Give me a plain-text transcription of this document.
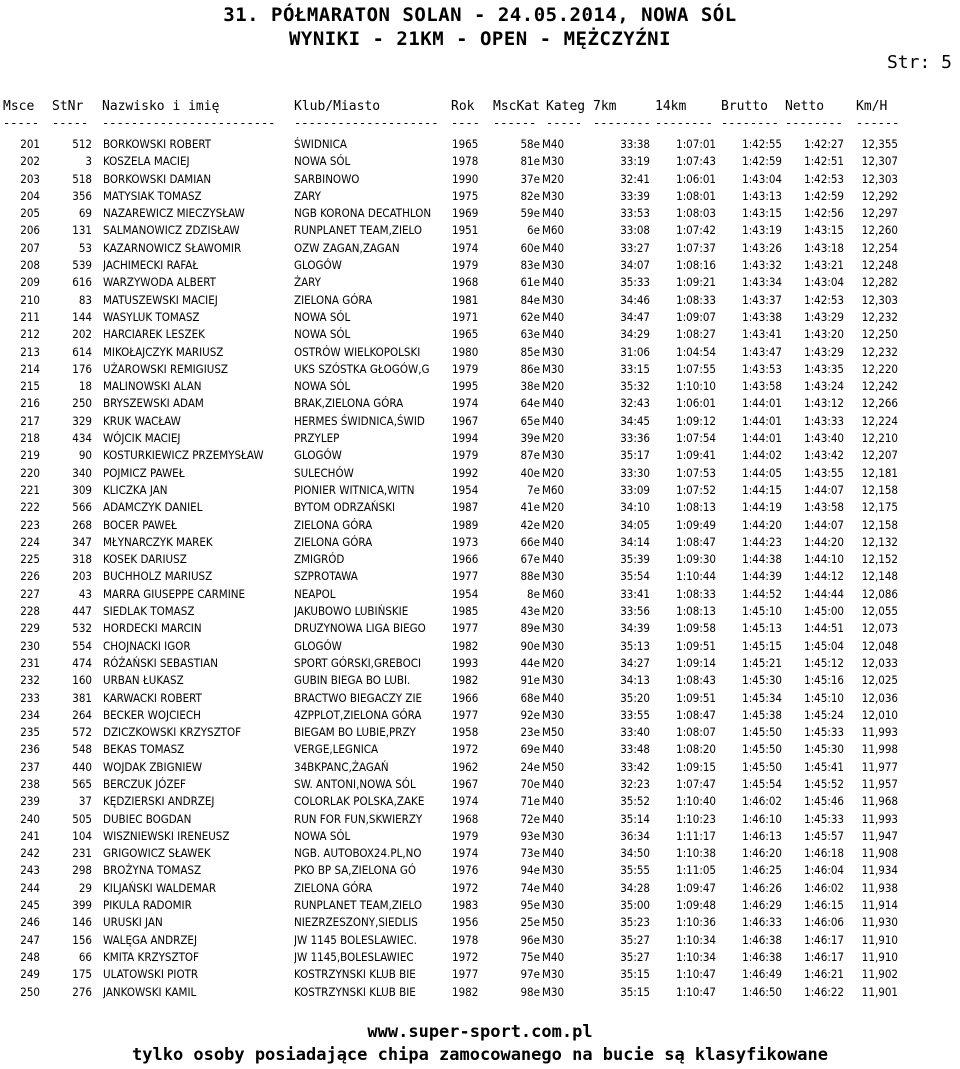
31. PÓŁMARATON SOLAN - 24.05.2014, NOWA SÓL
WYNIKI - 21KM - OPEN - MĘŻCZYŹNI
Str: 5
Msce StNr Nazwisko i imię	Klub/Miasto	Rok MscKat Kateg 7km	14km	Brutto Netto Km/H
----- ----- ------------------------ -------------------- ---- ------ ----- -------- -------- -------- -------- ------
201	512 BORKOWSKI ROBERT	ŚWIDNICA	1965	58e M40	33:38	1:07:01	1:42:55	1:42:27	12,355
202	3 KOSZELA MACIEJ	NOWA SÓL	1978	81e M30	33:19	1:07:43	1:42:59	1:42:51	12,307
203	518 BORKOWSKI DAMIAN	SARBINOWO	1990	37e M20	32:41	1:06:01	1:43:04	1:42:53	12,303
204	356 MATYSIAK TOMASZ	ZARY	1975	82e M30	33:39	1:08:01	1:43:13	1:42:59	12,292
205	69 NAZAREWICZ MIECZYSŁAW	NGB KORONA DECATHLON	1969	59e M40	33:53	1:08:03	1:43:15	1:42:56	12,297
206	131 SALMANOWICZ ZDZISŁAW	RUNPLANET TEAM,ZIELO	1951	6e M60	33:08	1:07:42	1:43:19	1:43:15	12,260
207	53 KAZARNOWICZ SŁAWOMIR	OZW ZAGAN,ZAGAN	1974	60e M40	33:27	1:07:37	1:43:26	1:43:18	12,254
208	539 JACHIMECKI RAFAŁ	GLOGÓW	1979	83e M30	34:07	1:08:16	1:43:32	1:43:21	12,248
209	616 WARZYWODA ALBERT	ŻARY	1968	61e M40	35:33	1:09:21	1:43:34	1:43:04	12,282
210	83 MATUSZEWSKI MACIEJ	ZIELONA GÓRA	1981	84e M30	34:46	1:08:33	1:43:37	1:42:53	12,303
211	144 WASYLUK TOMASZ	NOWA SÓL	1971	62e M40	34:47	1:09:07	1:43:38	1:43:29	12,232
212	202 HARCIAREK LESZEK	NOWA SÓL	1965	63e M40	34:29	1:08:27	1:43:41	1:43:20	12,250
213	614 MIKOŁAJCZYK MARIUSZ	OSTRÓW WIELKOPOLSKI	1980	85e M30	31:06	1:04:54	1:43:47	1:43:29	12,232
214	176 UŻAROWSKI REMIGIUSZ	UKS SZÓSTKA GŁOGÓW,G	1979	86e M30	33:15	1:07:55	1:43:53	1:43:35	12,220
215	18 MALINOWSKI ALAN	NOWA SÓL	1995	38e M20	35:32	1:10:10	1:43:58	1:43:24	12,242
216	250 BRYSZEWSKI ADAM	BRAK,ZIELONA GÓRA	1974	64e M40	32:43	1:06:01	1:44:01	1:43:12	12,266
217	329 KRUK WACŁAW	HERMES ŚWIDNICA,ŚWID	1967	65e M40	34:45	1:09:12	1:44:01	1:43:33	12,224
218	434 WÓJCIK MACIEJ	PRZYLEP	1994	39e M20	33:36	1:07:54	1:44:01	1:43:40	12,210
219	90 KOSTURKIEWICZ PRZEMYSŁAW	GLOGÓW	1979	87e M30	35:17	1:09:41	1:44:02	1:43:42	12,207
220	340 POJMICZ PAWEŁ	SULECHÓW	1992	40e M20	33:30	1:07:53	1:44:05	1:43:55	12,181
221	309 KLICZKA JAN	PIONIER WITNICA,WITN	1954	7e M60	33:09	1:07:52	1:44:15	1:44:07	12,158
222	566 ADAMCZYK DANIEL	BYTOM ODRZAŃSKI	1987	41e M20	34:10	1:08:13	1:44:19	1:43:58	12,175
223	268 BOCER PAWEŁ	ZIELONA GÓRA	1989	42e M20	34:05	1:09:49	1:44:20	1:44:07	12,158
224	347 MŁYNARCZYK MAREK	ZIELONA GÓRA	1973	66e M40	34:14	1:08:47	1:44:23	1:44:20	12,132
225	318 KOSEK DARIUSZ	ZMIGRÓD	1966	67e M40	35:39	1:09:30	1:44:38	1:44:10	12,152
226	203 BUCHHOLZ MARIUSZ	SZPROTAWA	1977	88e M30	35:54	1:10:44	1:44:39	1:44:12	12,148
227	43 MARRA GIUSEPPE CARMINE	NEAPOL	1954	8e M60	33:41	1:08:33	1:44:52	1:44:44	12,086
228	447 SIEDLAK TOMASZ	JAKUBOWO LUBIŃSKIE	1985	43e M20	33:56	1:08:13	1:45:10	1:45:00	12,055
229	532 HORDECKI MARCIN	DRUZYNOWA LIGA BIEGO	1977	89e M30	34:39	1:09:58	1:45:13	1:44:51	12,073
230	554 CHOJNACKI IGOR	GLOGÓW	1982	90e M30	35:13	1:09:51	1:45:15	1:45:04	12,048
231	474 RÓŻAŃSKI SEBASTIAN	SPORT GÓRSKI,GREBOCI	1993	44e M20	34:27	1:09:14	1:45:21	1:45:12	12,033
232	160 URBAN ŁUKASZ	GUBIN BIEGA BO LUBI.	1982	91e M30	34:13	1:08:43	1:45:30	1:45:16	12,025
233	381 KARWACKI ROBERT	BRACTWO BIEGACZY ZIE	1966	68e M40	35:20	1:09:51	1:45:34	1:45:10	12,036
234	264 BECKER WOJCIECH	4ZPPLOT,ZIELONA GÓRA	1977	92e M30	33:55	1:08:47	1:45:38	1:45:24	12,010
235	572 DZICZKOWSKI KRZYSZTOF	BIEGAM BO LUBIE,PRZY	1958	23e M50	33:40	1:08:07	1:45:50	1:45:33	11,993
236	548 BEKAS TOMASZ	VERGE,LEGNICA	1972	69e M40	33:48	1:08:20	1:45:50	1:45:30	11,998
237	440 WOJDAK ZBIGNIEW	34BKPANC,ŻAGAŃ	1962	24e M50	33:42	1:09:15	1:45:50	1:45:41	11,977
238	565 BERCZUK JÓZEF	SW. ANTONI,NOWA SÓL	1967	70e M40	32:23	1:07:47	1:45:54	1:45:52	11,957
239	37 KĘDZIERSKI ANDRZEJ	COLORLAK POLSKA,ZAKE	1974	71e M40	35:52	1:10:40	1:46:02	1:45:46	11,968
240	505 DUBIEC BOGDAN	RUN FOR FUN,SKWIERZY	1968	72e M40	35:14	1:10:23	1:46:10	1:45:33	11,993
241	104 WISZNIEWSKI IRENEUSZ	NOWA SÓL	1979	93e M30	36:34	1:11:17	1:46:13	1:45:57	11,947
242	231 GRIGOWICZ SŁAWEK	NGB. AUTOBOX24.PL,NO	1974	73e M40	34:50	1:10:38	1:46:20	1:46:18	11,908
243	298 BROŻYNA TOMASZ	PKO BP SA,ZIELONA GÓ	1976	94e M30	35:55	1:11:05	1:46:25	1:46:04	11,934
244	29 KILJAŃSKI WALDEMAR	ZIELONA GÓRA	1972	74e M40	34:28	1:09:47	1:46:26	1:46:02	11,938
245	399 PIKULA RADOMIR	RUNPLANET TEAM,ZIELO	1983	95e M30	35:00	1:09:48	1:46:29	1:46:15	11,914
246	146 URUSKI JAN	NIEZRZESZONY,SIEDLIS	1956	25e M50	35:23	1:10:36	1:46:33	1:46:06	11,930
247	156 WALĘGA ANDRZEJ	JW 1145 BOLESLAWIEC.	1978	96e M30	35:27	1:10:34	1:46:38	1:46:17	11,910
248	66 KMITA KRZYSZTOF	JW 1145,BOLESLAWIEC	1972	75e M40	35:27	1:10:34	1:46:38	1:46:17	11,910
249	175 ULATOWSKI PIOTR	KOSTRZYNSKI KLUB BIE	1977	97e M30	35:15	1:10:47	1:46:49	1:46:21	11,902
250	276 JANKOWSKI KAMIL	KOSTRZYNSKI KLUB BIE	1982	98e M30	35:15	1:10:47	1:46:50	1:46:22	11,901
www.super-sport.com.pl
tylko osoby posiadające chipa zamocowanego na bucie są klasyfikowane
